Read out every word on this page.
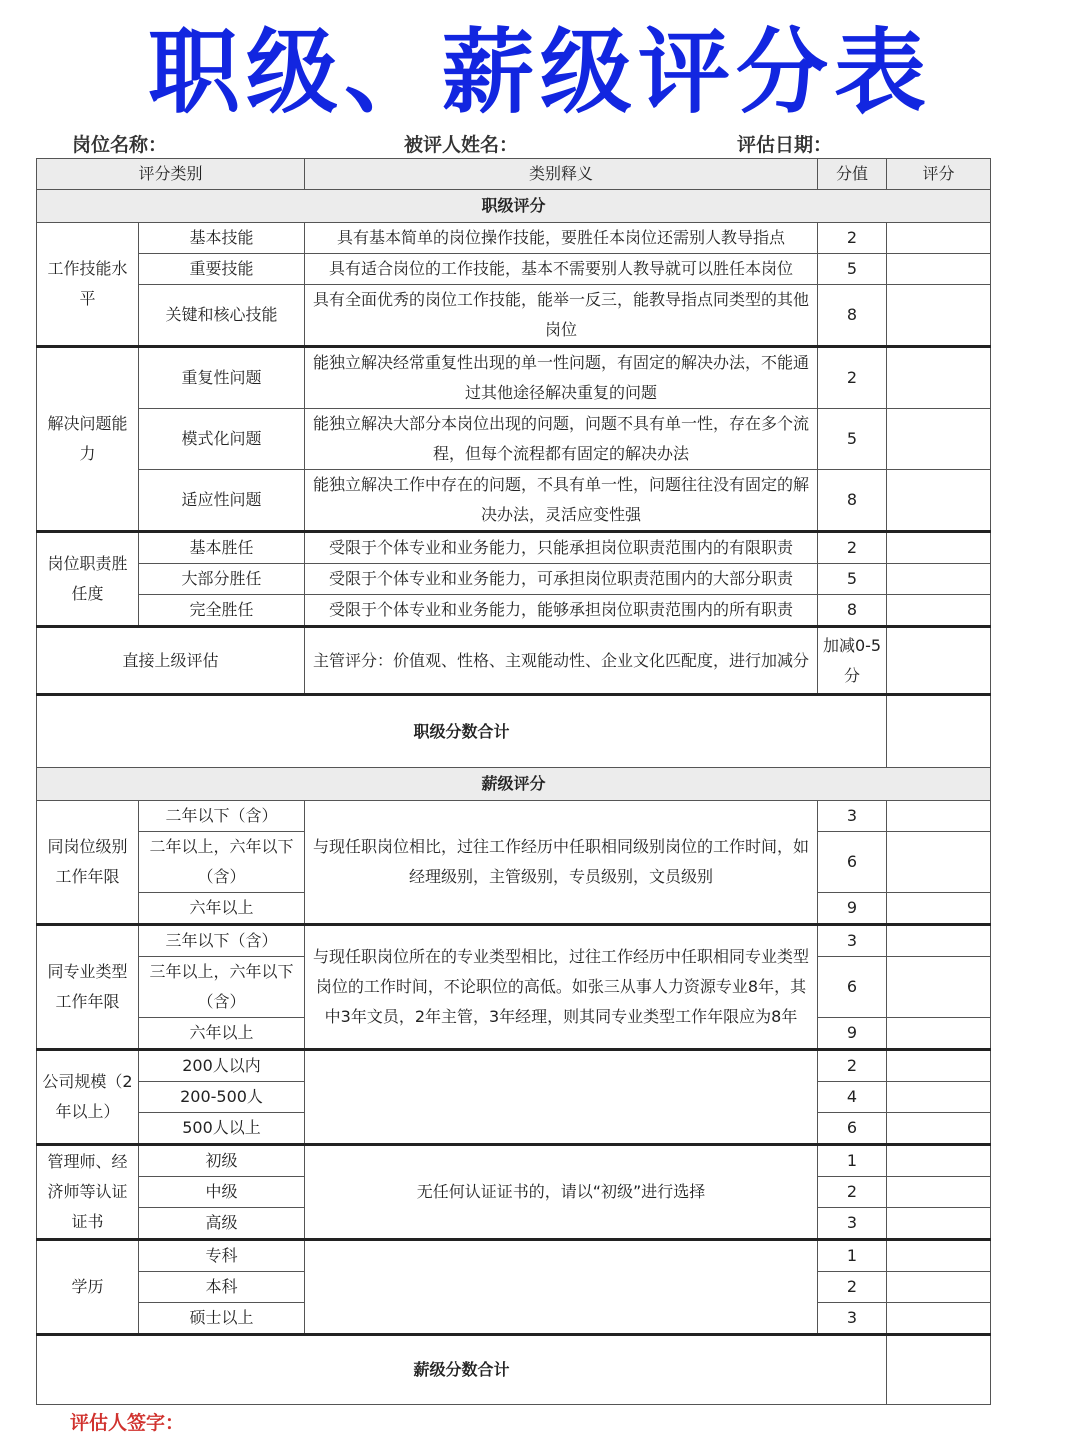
职级、薪级评分表
岗位名称：	被评人姓名：	评估日期：
评分类别		类别释义	分值	评分
职级评分				
工作技能水平	基本技能	具有基本简单的岗位操作技能，要胜任本岗位还需别人教导指点	2	
	重要技能	具有适合岗位的工作技能，基本不需要别人教导就可以胜任本岗位	5	
	关键和核心技能	具有全面优秀的岗位工作技能，能举一反三，能教导指点同类型的其他岗位	8	
解决问题能力	重复性问题	能独立解决经常重复性出现的单一性问题，有固定的解决办法，不能通过其他途径解决重复的问题	2	
	模式化问题	能独立解决大部分本岗位出现的问题，问题不具有单一性，存在多个流程，但每个流程都有固定的解决办法	5	
	适应性问题	能独立解决工作中存在的问题，不具有单一性，问题往往没有固定的解决办法，灵活应变性强	8	
岗位职责胜任度	基本胜任	受限于个体专业和业务能力，只能承担岗位职责范围内的有限职责	2	
	大部分胜任	受限于个体专业和业务能力，可承担岗位职责范围内的大部分职责	5	
	完全胜任	受限于个体专业和业务能力，能够承担岗位职责范围内的所有职责	8	
直接上级评估		主管评分：价值观、性格、主观能动性、企业文化匹配度，进行加减分	加减0-5分	
职级分数合计				
薪级评分				
同岗位级别工作年限	二年以下（含）	与现任职岗位相比，过往工作经历中任职相同级别岗位的工作时间，如经理级别，主管级别，专员级别，文员级别	3	
	二年以上，六年以下（含）		6	
	六年以上		9	
同专业类型工作年限	三年以下（含）	与现任职岗位所在的专业类型相比，过往工作经历中任职相同专业类型岗位的工作时间，不论职位的高低。如张三从事人力资源专业8年，其中3年文员，2年主管，3年经理，则其同专业类型工作年限应为8年	3	
	三年以上，六年以下（含）		6	
	六年以上		9	
公司规模（2年以上）	200人以内		2	
	200-500人		4	
	500人以上		6	
管理师、经济师等认证证书	初级	无任何认证证书的，请以“初级”进行选择	1	
	中级		2	
	高级		3	
学历	专科		1	
	本科		2	
	硕士以上		3	
薪级分数合计				
评估人签字：
